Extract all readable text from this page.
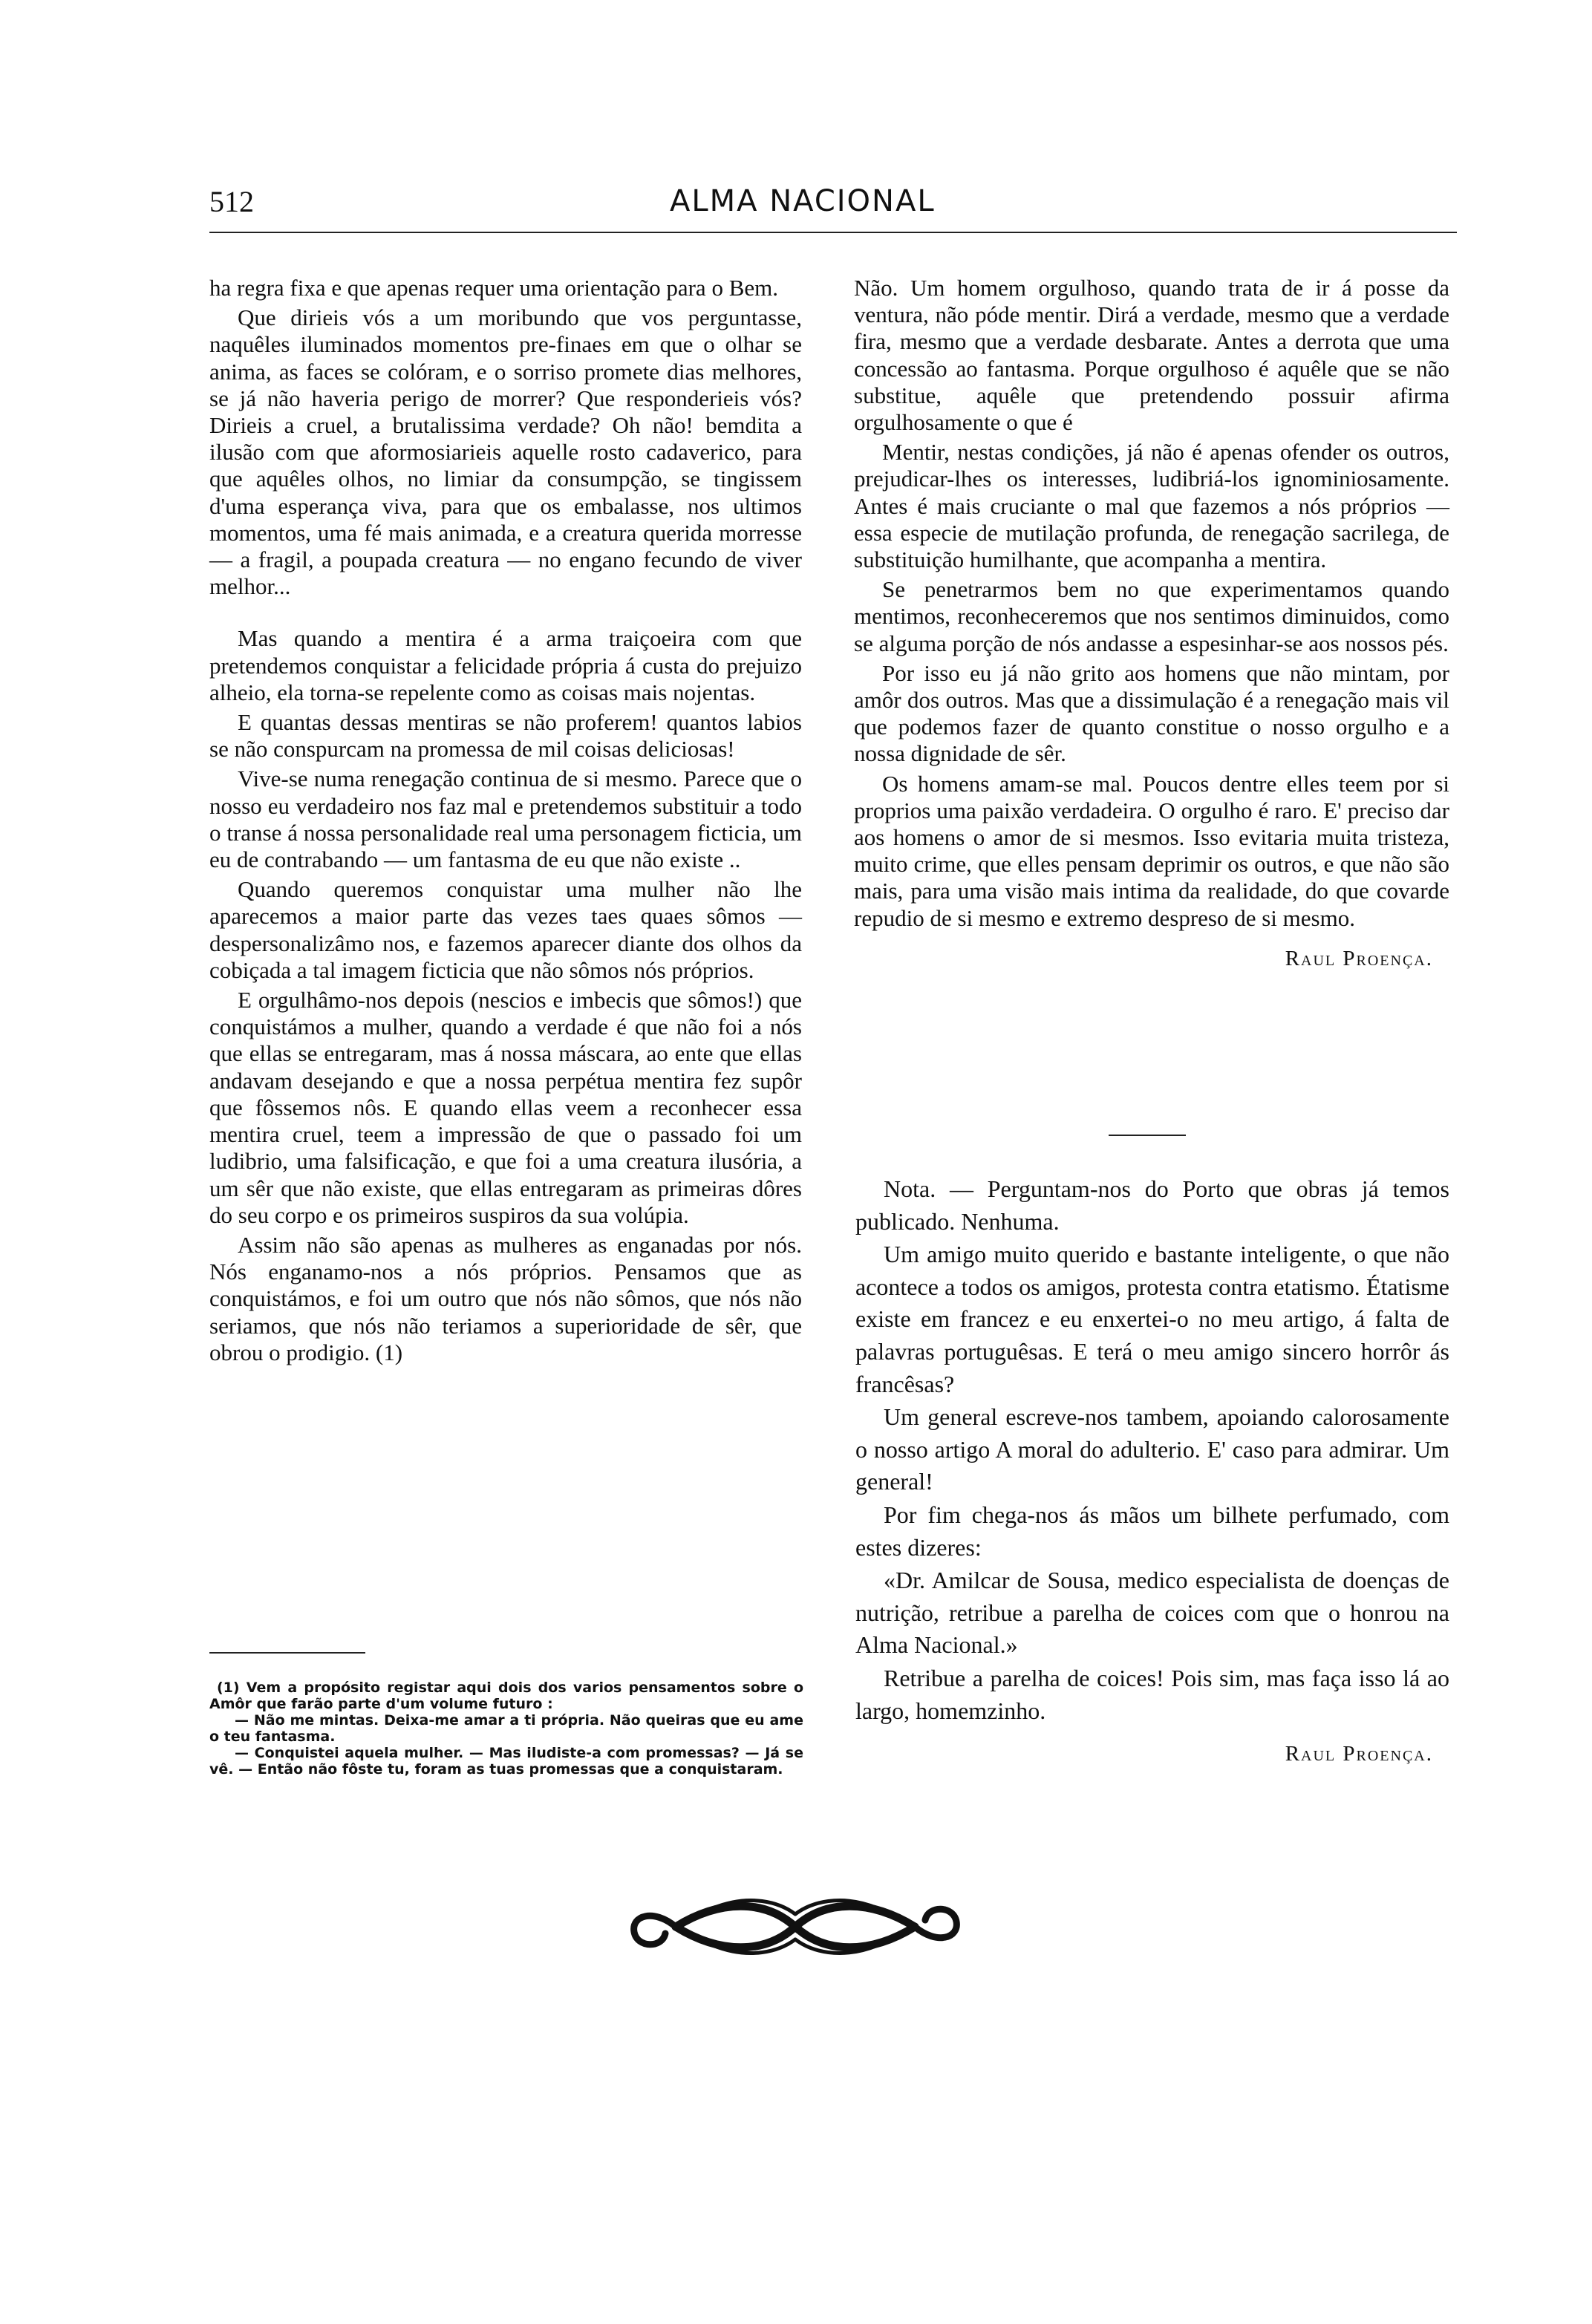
512	ALMA NACIONAL

ha regra fixa e que apenas requer uma orientação para o Bem.

Que dirieis vós a um moribundo que vos perguntasse, naquêles iluminados momentos pre-finaes em que o olhar se anima, as faces se colóram, e o sorriso promete dias melhores, se já não haveria perigo de morrer? Que responderieis vós? Dirieis a cruel, a brutalissima verdade? Oh não! bemdita a ilusão com que aformosiarieis aquelle rosto cadaverico, para que aquêles olhos, no limiar da consumpção, se tingissem d'uma esperança viva, para que os embalasse, nos ultimos momentos, uma fé mais animada, e a creatura querida morresse — a fragil, a poupada creatura — no engano fecundo de viver melhor...

Mas quando a mentira é a arma traiçoeira com que pretendemos conquistar a felicidade própria á custa do prejuizo alheio, ela torna-se repelente como as coisas mais nojentas.

E quantas dessas mentiras se não proferem! quantos labios se não conspurcam na promessa de mil coisas deliciosas!

Vive-se numa renegação continua de si mesmo. Parece que o nosso eu verdadeiro nos faz mal e pretendemos substituir a todo o transe á nossa personalidade real uma personagem ficticia, um eu de contrabando — um fantasma de eu que não existe ..

Quando queremos conquistar uma mulher não lhe aparecemos a maior parte das vezes taes quaes sômos — despersonalizâmo nos, e fazemos aparecer diante dos olhos da cobiçada a tal imagem ficticia que não sômos nós próprios.

E orgulhâmo-nos depois (nescios e imbecis que sômos!) que conquistámos a mulher, quando a verdade é que não foi a nós que ellas se entregaram, mas á nossa máscara, ao ente que ellas andavam desejando e que a nossa perpétua mentira fez supôr que fôssemos nôs. E quando ellas veem a reconhecer essa mentira cruel, teem a impressão de que o passado foi um ludibrio, uma falsificação, e que foi a uma creatura ilusória, a um sêr que não existe, que ellas entregaram as primeiras dôres do seu corpo e os primeiros suspiros da sua volúpia.

Assim não são apenas as mulheres as enganadas por nós. Nós enganamo-nos a nós próprios. Pensamos que as conquistámos, e foi um outro que nós não sômos, que nós não seriamos, que nós não teriamos a superioridade de sêr, que obrou o prodigio. (1)

(1) Vem a propósito registar aqui dois dos varios pensamentos sobre o Amôr que farão parte d'um volume futuro :

— Não me mintas. Deixa-me amar a ti própria. Não queiras que eu ame o teu fantasma.

— Conquistei aquela mulher. — Mas iludiste-a com promessas? — Já se vê. — Então não fôste tu, foram as tuas promessas que a conquistaram.

Não. Um homem orgulhoso, quando trata de ir á posse da ventura, não póde mentir. Dirá a verdade, mesmo que a verdade fira, mesmo que a verdade desbarate. Antes a derrota que uma concessão ao fantasma. Porque orgulhoso é aquêle que se não substitue, aquêle que pretendendo possuir afirma orgulhosamente o que é

Mentir, nestas condições, já não é apenas ofender os outros, prejudicar-lhes os interesses, ludibriá-los ignominiosamente. Antes é mais cruciante o mal que fazemos a nós próprios — essa especie de mutilação profunda, de renegação sacrilega, de substituição humilhante, que acompanha a mentira.

Se penetrarmos bem no que experimentamos quando mentimos, reconheceremos que nos sentimos diminuidos, como se alguma porção de nós andasse a espesinhar-se aos nossos pés.

Por isso eu já não grito aos homens que não mintam, por amôr dos outros. Mas que a dissimulação é a renegação mais vil que podemos fazer de quanto constitue o nosso orgulho e a nossa dignidade de sêr.

Os homens amam-se mal. Poucos dentre elles teem por si proprios uma paixão verdadeira. O orgulho é raro. E' preciso dar aos homens o amor de si mesmos. Isso evitaria muita tristeza, muito crime, que elles pensam deprimir os outros, e que não são mais, para uma visão mais intima da realidade, do que covarde repudio de si mesmo e extremo despreso de si mesmo.

Raul Proença.

Nota. — Perguntam-nos do Porto que obras já temos publicado. Nenhuma.

Um amigo muito querido e bastante inteligente, o que não acontece a todos os amigos, protesta contra etatismo. Étatisme existe em francez e eu enxertei-o no meu artigo, á falta de palavras portuguêsas. E terá o meu amigo sincero horrôr ás francêsas?

Um general escreve-nos tambem, apoiando calorosamente o nosso artigo A moral do adulterio. E' caso para admirar. Um general!

Por fim chega-nos ás mãos um bilhete perfumado, com estes dizeres:

«Dr. Amilcar de Sousa, medico especialista de doenças de nutrição, retribue a parelha de coices com que o honrou na Alma Nacional.»

Retribue a parelha de coices! Pois sim, mas faça isso lá ao largo, homemzinho.

Raul Proença.
